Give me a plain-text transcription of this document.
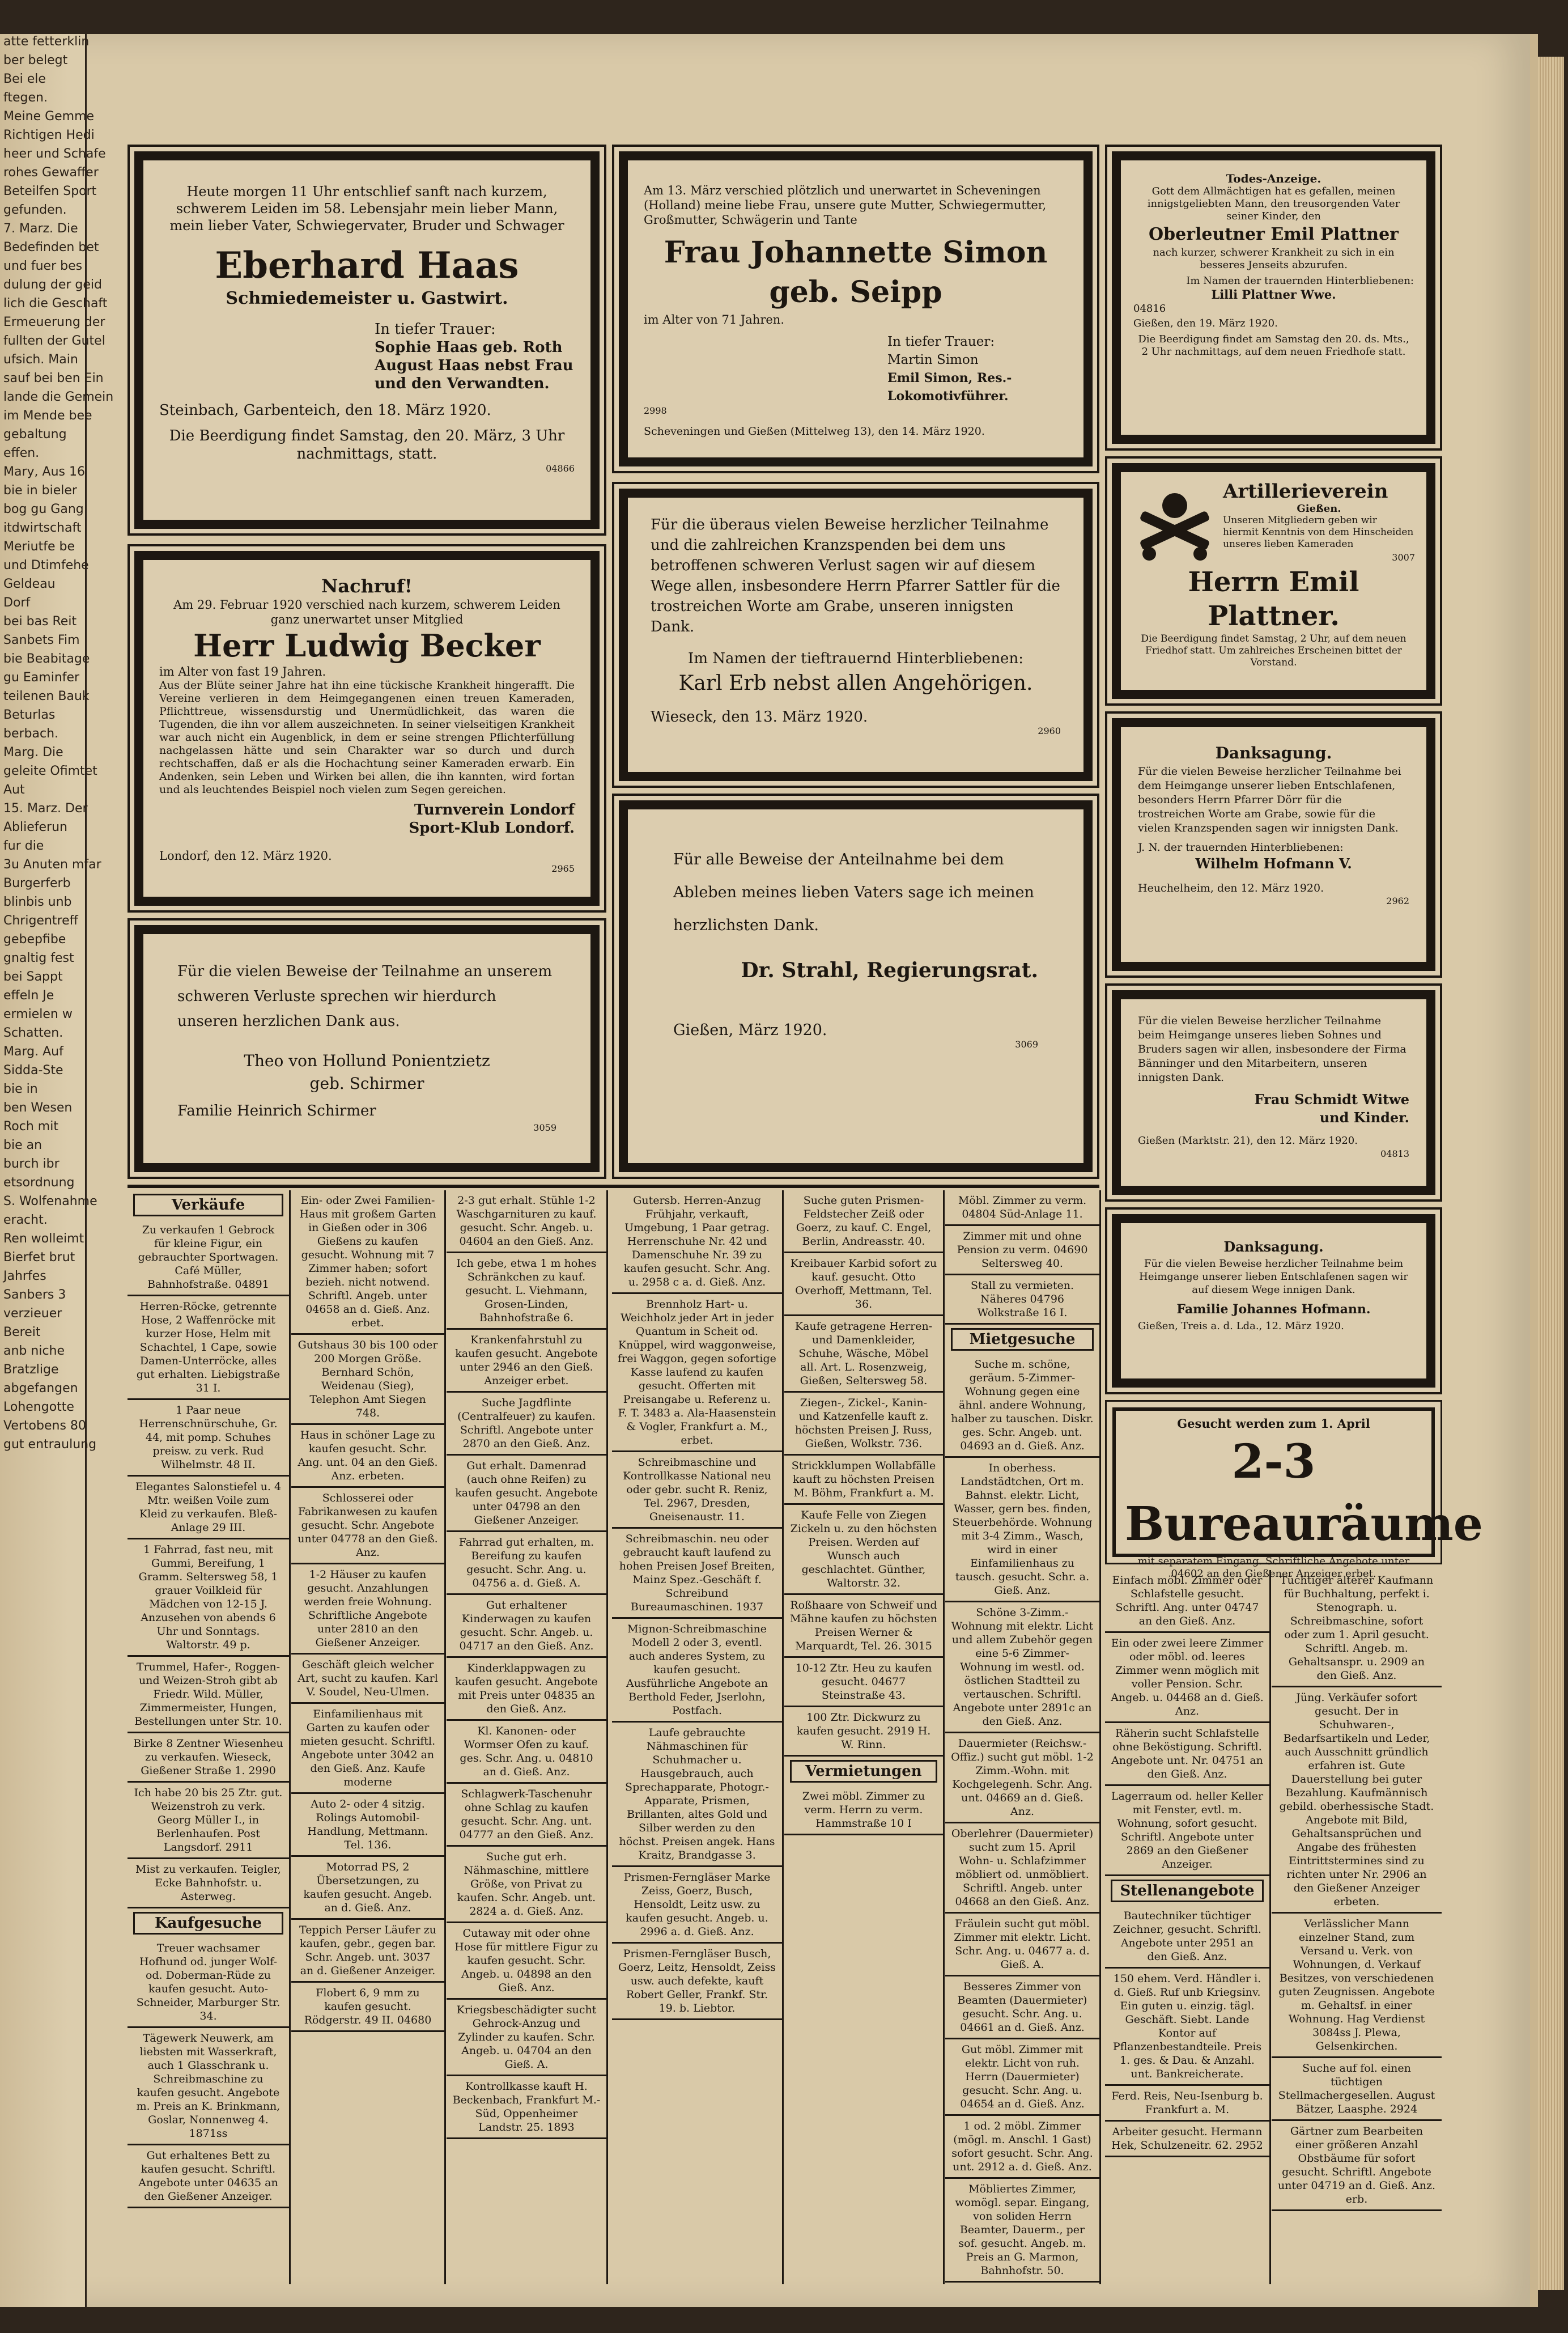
atte fetterklin

ber belegt

Bei ele

ftegen.

Meine Gemme

Richtigen Hedi

heer und Schafe

rohes Gewaffer

Beteilfen Sport

gefunden.

7. Marz. Die

Bedefinden bet

und fuer bes

dulung der geid

lich die Geschaft

Ermeuerung der

fullten der Gutel

ufsich. Main

sauf bei ben Ein

lande die Gemein

im Mende bee

gebaltung

effen.

Mary, Aus 16

bie in bieler

bog gu Gang

itdwirtschaft

Meriutfe be

und Dtimfehe

Geldeau

Dorf

bei bas Reit

Sanbets Fim

bie Beabitage

gu Eaminfer

teilenen Bauk

Beturlas

berbach.

Marg. Die

geleite Ofimtet

Aut

15. Marz. Der

Ablieferun

fur die

3u Anuten mfar

Burgerferb

blinbis unb

Chrigentreff

gebepfibe

gnaltig fest

bei Sappt

effeln Je

ermielen w

Schatten.

Marg. Auf

Sidda-Ste

bie in

ben Wesen

Roch mit

bie an

burch ibr

etsordnung

S. Wolfenahme

eracht.

Ren wolleimt

Bierfet brut

Jahrfes

Sanbers 3

verzieuer

Bereit

anb niche

Bratzlige

abgefangen

Lohengotte

Vertobens 80

gut entraulung

Heute morgen 11 Uhr entschlief sanft nach kurzem, schwerem Leiden im 58. Lebensjahr mein lieber Mann, mein lieber Vater, Schwiegervater, Bruder und Schwager
Eberhard Haas
Schmiedemeister u. Gastwirt.
In tiefer Trauer:
Sophie Haas geb. Roth
August Haas nebst Frau
und den Verwandten.
Steinbach, Garbenteich, den 18. März 1920.
Die Beerdigung findet Samstag, den 20. März, 3 Uhr nachmittags, statt.
04866
Nachruf!
Am 29. Februar 1920 verschied nach kurzem, schwerem Leiden ganz unerwartet unser Mitglied
Herr Ludwig Becker
im Alter von fast 19 Jahren.
Aus der Blüte seiner Jahre hat ihn eine tückische Krankheit hingerafft. Die Vereine verlieren in dem Heimgegangenen einen treuen Kameraden, Pflichttreue, wissensdurstig und Unermüdlichkeit, das waren die Tugenden, die ihn vor allem auszeichneten. In seiner vielseitigen Krankheit war auch nicht ein Augenblick, in dem er seine strengen Pflichterfüllung nachgelassen hätte und sein Charakter war so durch und durch rechtschaffen, daß er als die Hochachtung seiner Kameraden erwarb. Ein Andenken, sein Leben und Wirken bei allen, die ihn kannten, wird fortan und als leuchtendes Beispiel noch vielen zum Segen gereichen.
Turnverein Londorf
Sport-Klub Londorf.
Londorf, den 12. März 1920.
2965
Für die vielen Beweise der Teilnahme an unserem schweren Verluste sprechen wir hierdurch unseren herzlichen Dank aus.
Theo von Hollund Ponientzietz
geb. Schirmer
Familie Heinrich Schirmer
3059
Am 13. März verschied plötzlich und unerwartet in Scheveningen (Holland) meine liebe Frau, unsere gute Mutter, Schwiegermutter, Großmutter, Schwägerin und Tante
Frau Johannette Simon geb. Seipp
im Alter von 71 Jahren.
In tiefer Trauer:
Martin Simon
Emil Simon, Res.-Lokomotivführer.
2998
Scheveningen und Gießen (Mittelweg 13), den 14. März 1920.
Für die überaus vielen Beweise herzlicher Teilnahme und die zahlreichen Kranzspenden bei dem uns betroffenen schweren Verlust sagen wir auf diesem Wege allen, insbesondere Herrn Pfarrer Sattler für die trostreichen Worte am Grabe, unseren innigsten Dank.
Im Namen der tieftrauernd Hinterbliebenen:
Karl Erb nebst allen Angehörigen.
Wieseck, den 13. März 1920.
2960
Für alle Beweise der Anteilnahme bei dem Ableben meines lieben Vaters sage ich meinen herzlichsten Dank.
Dr. Strahl, Regierungsrat.
Gießen, März 1920.
3069
Todes-Anzeige.
Gott dem Allmächtigen hat es gefallen, meinen innigstgeliebten Mann, den treusorgenden Vater seiner Kinder, den
Oberleutner Emil Plattner
nach kurzer, schwerer Krankheit zu sich in ein besseres Jenseits abzurufen.
Im Namen der trauernden Hinterbliebenen:
Lilli Plattner Wwe.
04816
Gießen, den 19. März 1920.
Die Beerdigung findet am Samstag den 20. ds. Mts., 2 Uhr nachmittags, auf dem neuen Friedhofe statt.
Artillerieverein
Gießen.
Unseren Mitgliedern geben wir hiermit Kenntnis von dem Hinscheiden unseres lieben Kameraden
3007
Herrn Emil Plattner.
Die Beerdigung findet Samstag, 2 Uhr, auf dem neuen Friedhof statt. Um zahlreiches Erscheinen bittet der Vorstand.
Danksagung.
Für die vielen Beweise herzlicher Teilnahme bei dem Heimgange unserer lieben Entschlafenen, besonders Herrn Pfarrer Dörr für die trostreichen Worte am Grabe, sowie für die vielen Kranzspenden sagen wir innigsten Dank.
J. N. der trauernden Hinterbliebenen:
Wilhelm Hofmann V.
Heuchelheim, den 12. März 1920.
2962
Für die vielen Beweise herzlicher Teilnahme beim Heimgange unseres lieben Sohnes und Bruders sagen wir allen, insbesondere der Firma Bänninger und den Mitarbeitern, unseren innigsten Dank.
Frau Schmidt Witwe
und Kinder.
Gießen (Marktstr. 21), den 12. März 1920.
04813
Danksagung.
Für die vielen Beweise herzlicher Teilnahme beim Heimgange unserer lieben Entschlafenen sagen wir auf diesem Wege innigen Dank.
Familie Johannes Hofmann.
Gießen, Treis a. d. Lda., 12. März 1920.
Gesucht werden zum 1. April
2-3 Bureauräume
mit separatem Eingang. Schriftliche Angebote unter 04602 an den Gießener Anzeiger erbet.
Verkäufe
Zu verkaufen 1 Gebrock für kleine Figur, ein gebrauchter Sportwagen. Café Müller, Bahnhofstraße. 04891
Herren-Röcke, getrennte Hose, 2 Waffenröcke mit kurzer Hose, Helm mit Schachtel, 1 Cape, sowie Damen-Unterröcke, alles gut erhalten. Liebigstraße 31 I.
1 Paar neue Herrenschnürschuhe, Gr. 44, mit pomp. Schuhes preisw. zu verk. Rud Wilhelmstr. 48 II.
Elegantes Salonstiefel u. 4 Mtr. weißen Voile zum Kleid zu verkaufen. Bleß-Anlage 29 III.
1 Fahrrad, fast neu, mit Gummi, Bereifung, 1 Gramm. Seltersweg 58, 1 grauer Voilkleid für Mädchen von 12-15 J. Anzusehen von abends 6 Uhr und Sonntags. Waltorstr. 49 p.
Trummel, Hafer-, Roggen- und Weizen-Stroh gibt ab Friedr. Wild. Müller, Zimmermeister, Hungen, Bestellungen unter Str. 10.
Birke 8 Zentner Wiesenheu zu verkaufen. Wieseck, Gießener Straße 1. 2990
Ich habe 20 bis 25 Ztr. gut. Weizenstroh zu verk. Georg Müller I., in Berlenhaufen. Post Langsdorf. 2911
Mist zu verkaufen. Teigler, Ecke Bahnhofstr. u. Asterweg.
Kaufgesuche
Treuer wachsamer Hofhund od. junger Wolf- od. Doberman-Rüde zu kaufen gesucht. Auto-Schneider, Marburger Str. 34.
Tägewerk Neuwerk, am liebsten mit Wasserkraft, auch 1 Glasschrank u. Schreibmaschine zu kaufen gesucht. Angebote m. Preis an K. Brinkmann, Goslar, Nonnenweg 4. 1871ss
Gut erhaltenes Bett zu kaufen gesucht. Schriftl. Angebote unter 04635 an den Gießener Anzeiger.
Ein- oder Zwei Familien-Haus mit großem Garten in Gießen oder in 306 Gießens zu kaufen gesucht. Wohnung mit 7 Zimmer haben; sofort bezieh. nicht notwend. Schriftl. Angeb. unter 04658 an d. Gieß. Anz. erbet.
Gutshaus 30 bis 100 oder 200 Morgen Größe. Bernhard Schön, Weidenau (Sieg), Telephon Amt Siegen 748.
Haus in schöner Lage zu kaufen gesucht. Schr. Ang. unt. 04 an den Gieß. Anz. erbeten.
Schlosserei oder Fabrikanwesen zu kaufen gesucht. Schr. Angebote unter 04778 an den Gieß. Anz.
1-2 Häuser zu kaufen gesucht. Anzahlungen werden freie Wohnung. Schriftliche Angebote unter 2810 an den Gießener Anzeiger.
Geschäft gleich welcher Art, sucht zu kaufen. Karl V. Soudel, Neu-Ulmen.
Einfamilienhaus mit Garten zu kaufen oder mieten gesucht. Schriftl. Angebote unter 3042 an den Gieß. Anz. Kaufe moderne
Auto 2- oder 4 sitzig. Rolings Automobil-Handlung, Mettmann. Tel. 136.
Motorrad PS, 2 Übersetzungen, zu kaufen gesucht. Angeb. an d. Gieß. Anz.
Teppich Perser Läufer zu kaufen, gebr., gegen bar. Schr. Angeb. unt. 3037 an d. Gießener Anzeiger.
Flobert 6, 9 mm zu kaufen gesucht. Rödgerstr. 49 II. 04680
2-3 gut erhalt. Stühle 1-2 Waschgarnituren zu kauf. gesucht. Schr. Angeb. u. 04604 an den Gieß. Anz.
Ich gebe, etwa 1 m hohes Schränkchen zu kauf. gesucht. L. Viehmann, Grosen-Linden, Bahnhofstraße 6.
Krankenfahrstuhl zu kaufen gesucht. Angebote unter 2946 an den Gieß. Anzeiger erbet.
Suche Jagdflinte (Centralfeuer) zu kaufen. Schriftl. Angebote unter 2870 an den Gieß. Anz.
Gut erhalt. Damenrad (auch ohne Reifen) zu kaufen gesucht. Angebote unter 04798 an den Gießener Anzeiger.
Fahrrad gut erhalten, m. Bereifung zu kaufen gesucht. Schr. Ang. u. 04756 a. d. Gieß. A.
Gut erhaltener Kinderwagen zu kaufen gesucht. Schr. Angeb. u. 04717 an den Gieß. Anz.
Kinderklappwagen zu kaufen gesucht. Angebote mit Preis unter 04835 an den Gieß. Anz.
Kl. Kanonen- oder Wormser Ofen zu kauf. ges. Schr. Ang. u. 04810 an d. Gieß. Anz.
Schlagwerk-Taschenuhr ohne Schlag zu kaufen gesucht. Schr. Ang. unt. 04777 an den Gieß. Anz.
Suche gut erh. Nähmaschine, mittlere Größe, von Privat zu kaufen. Schr. Angeb. unt. 2824 a. d. Gieß. Anz.
Cutaway mit oder ohne Hose für mittlere Figur zu kaufen gesucht. Schr. Angeb. u. 04898 an den Gieß. Anz.
Kriegsbeschädigter sucht Gehrock-Anzug und Zylinder zu kaufen. Schr. Angeb. u. 04704 an den Gieß. A.
Kontrollkasse kauft H. Beckenbach, Frankfurt M.-Süd, Oppenheimer Landstr. 25. 1893
Gutersb. Herren-Anzug Frühjahr, verkauft, Umgebung, 1 Paar getrag. Herrenschuhe Nr. 42 und Damenschuhe Nr. 39 zu kaufen gesucht. Schr. Ang. u. 2958 c a. d. Gieß. Anz.
Brennholz Hart- u. Weichholz jeder Art in jeder Quantum in Scheit od. Knüppel, wird waggonweise, frei Waggon, gegen sofortige Kasse laufend zu kaufen gesucht. Offerten mit Preisangabe u. Referenz u. F. T. 3483 a. Ala-Haasenstein & Vogler, Frankfurt a. M., erbet.
Schreibmaschine und Kontrollkasse National neu oder gebr. sucht R. Reniz, Tel. 2967, Dresden, Gneisenaustr. 11.
Schreibmaschin. neu oder gebraucht kauft laufend zu hohen Preisen Josef Breiten, Mainz Spez.-Geschäft f. Schreibund Bureaumaschinen. 1937
Mignon-Schreibmaschine Modell 2 oder 3, eventl. auch anderes System, zu kaufen gesucht. Ausführliche Angebote an Berthold Feder, Jserlohn, Postfach.
Laufe gebrauchte Nähmaschinen für Schuhmacher u. Hausgebrauch, auch Sprechapparate, Photogr.-Apparate, Prismen, Brillanten, altes Gold und Silber werden zu den höchst. Preisen angek. Hans Kraitz, Brandgasse 3.
Prismen-Ferngläser Marke Zeiss, Goerz, Busch, Hensoldt, Leitz usw. zu kaufen gesucht. Angeb. u. 2996 a. d. Gieß. Anz.
Prismen-Ferngläser Busch, Goerz, Leitz, Hensoldt, Zeiss usw. auch defekte, kauft Robert Geller, Frankf. Str. 19. b. Liebtor.
Suche guten Prismen-Feldstecher Zeiß oder Goerz, zu kauf. C. Engel, Berlin, Andreasstr. 40.
Kreibauer Karbid sofort zu kauf. gesucht. Otto Overhoff, Mettmann, Tel. 36.
Kaufe getragene Herren- und Damenkleider, Schuhe, Wäsche, Möbel all. Art. L. Rosenzweig, Gießen, Seltersweg 58.
Ziegen-, Zickel-, Kanin- und Katzenfelle kauft z. höchsten Preisen J. Russ, Gießen, Wolkstr. 736.
Strickklumpen Wollabfälle kauft zu höchsten Preisen M. Böhm, Frankfurt a. M.
Kaufe Felle von Ziegen Zickeln u. zu den höchsten Preisen. Werden auf Wunsch auch geschlachtet. Günther, Waltorstr. 32.
Roßhaare von Schweif und Mähne kaufen zu höchsten Preisen Werner & Marquardt, Tel. 26. 3015
10-12 Ztr. Heu zu kaufen gesucht. 04677 Steinstraße 43.
100 Ztr. Dickwurz zu kaufen gesucht. 2919 H. W. Rinn.
Vermietungen
Zwei möbl. Zimmer zu verm. Herrn zu verm. Hammstraße 10 I
Möbl. Zimmer zu verm. 04804 Süd-Anlage 11.
Zimmer mit und ohne Pension zu verm. 04690 Seltersweg 40.
Stall zu vermieten. Näheres 04796 Wolkstraße 16 I.
Mietgesuche
Suche m. schöne, geräum. 5-Zimmer-Wohnung gegen eine ähnl. andere Wohnung, halber zu tauschen. Diskr. ges. Schr. Angeb. unt. 04693 an d. Gieß. Anz.
In oberhess. Landstädtchen, Ort m. Bahnst. elektr. Licht, Wasser, gern bes. finden, Steuerbehörde. Wohnung mit 3-4 Zimm., Wasch, wird in einer Einfamilienhaus zu tausch. gesucht. Schr. a. Gieß. Anz.
Schöne 3-Zimm.-Wohnung mit elektr. Licht und allem Zubehör gegen eine 5-6 Zimmer-Wohnung im westl. od. östlichen Stadtteil zu vertauschen. Schriftl. Angebote unter 2891c an den Gieß. Anz.
Dauermieter (Reichsw.-Offiz.) sucht gut möbl. 1-2 Zimm.-Wohn. mit Kochgelegenh. Schr. Ang. unt. 04669 an d. Gieß. Anz.
Oberlehrer (Dauermieter) sucht zum 15. April Wohn- u. Schlafzimmer möbliert od. unmöbliert. Schriftl. Angeb. unter 04668 an den Gieß. Anz.
Fräulein sucht gut möbl. Zimmer mit elektr. Licht. Schr. Ang. u. 04677 a. d. Gieß. A.
Besseres Zimmer von Beamten (Dauermieter) gesucht. Schr. Ang. u. 04661 an d. Gieß. Anz.
Gut möbl. Zimmer mit elektr. Licht von ruh. Herrn (Dauermieter) gesucht. Schr. Ang. u. 04654 an d. Gieß. Anz.
1 od. 2 möbl. Zimmer (mögl. m. Anschl. 1 Gast) sofort gesucht. Schr. Ang. unt. 2912 a. d. Gieß. Anz.
Möbliertes Zimmer, womögl. separ. Eingang, von soliden Herrn Beamter, Dauerm., per sof. gesucht. Angeb. m. Preis an G. Marmon, Bahnhofstr. 50.
Einfach möbl. Zimmer oder Schlafstelle gesucht. Schriftl. Ang. unter 04747 an den Gieß. Anz.
Ein oder zwei leere Zimmer oder möbl. od. leeres Zimmer wenn möglich mit voller Pension. Schr. Angeb. u. 04468 an d. Gieß. Anz.
Räherin sucht Schlafstelle ohne Beköstigung. Schriftl. Angebote unt. Nr. 04751 an den Gieß. Anz.
Lagerraum od. heller Keller mit Fenster, evtl. m. Wohnung, sofort gesucht. Schriftl. Angebote unter 2869 an den Gießener Anzeiger.
Stellenangebote
Bautechniker tüchtiger Zeichner, gesucht. Schriftl. Angebote unter 2951 an den Gieß. Anz.
150 ehem. Verd. Händler i. d. Gieß. Ruf unb Kriegsinv. Ein guten u. einzig. tägl. Geschäft. Siebt. Lande Kontor auf Pflanzenbestandteile. Preis 1. ges. & Dau. & Anzahl. unt. Bankreicherate.
Ferd. Reis, Neu-Isenburg b. Frankfurt a. M.
Arbeiter gesucht. Hermann Hek, Schulzeneitr. 62. 2952
Tüchtiger älterer Kaufmann für Buchhaltung, perfekt i. Stenograph. u. Schreibmaschine, sofort oder zum 1. April gesucht. Schriftl. Angeb. m. Gehaltsanspr. u. 2909 an den Gieß. Anz.
Jüng. Verkäufer sofort gesucht. Der in Schuhwaren-, Bedarfsartikeln und Leder, auch Ausschnitt gründlich erfahren ist. Gute Dauerstellung bei guter Bezahlung. Kaufmännisch gebild. oberhessische Stadt. Angebote mit Bild, Gehaltsansprüchen und Angabe des frühesten Eintrittstermines sind zu richten unter Nr. 2906 an den Gießener Anzeiger erbeten.
Verlässlicher Mann einzelner Stand, zum Versand u. Verk. von Wohnungen, d. Verkauf Besitzes, von verschiedenen guten Zeugnissen. Angebote m. Gehaltsf. in einer Wohnung. Hag Verdienst 3084ss J. Plewa, Gelsenkirchen.
Suche auf fol. einen tüchtigen Stellmachergesellen. August Bätzer, Laasphe. 2924
Gärtner zum Bearbeiten einer größeren Anzahl Obstbäume für sofort gesucht. Schriftl. Angebote unter 04719 an d. Gieß. Anz. erb.
